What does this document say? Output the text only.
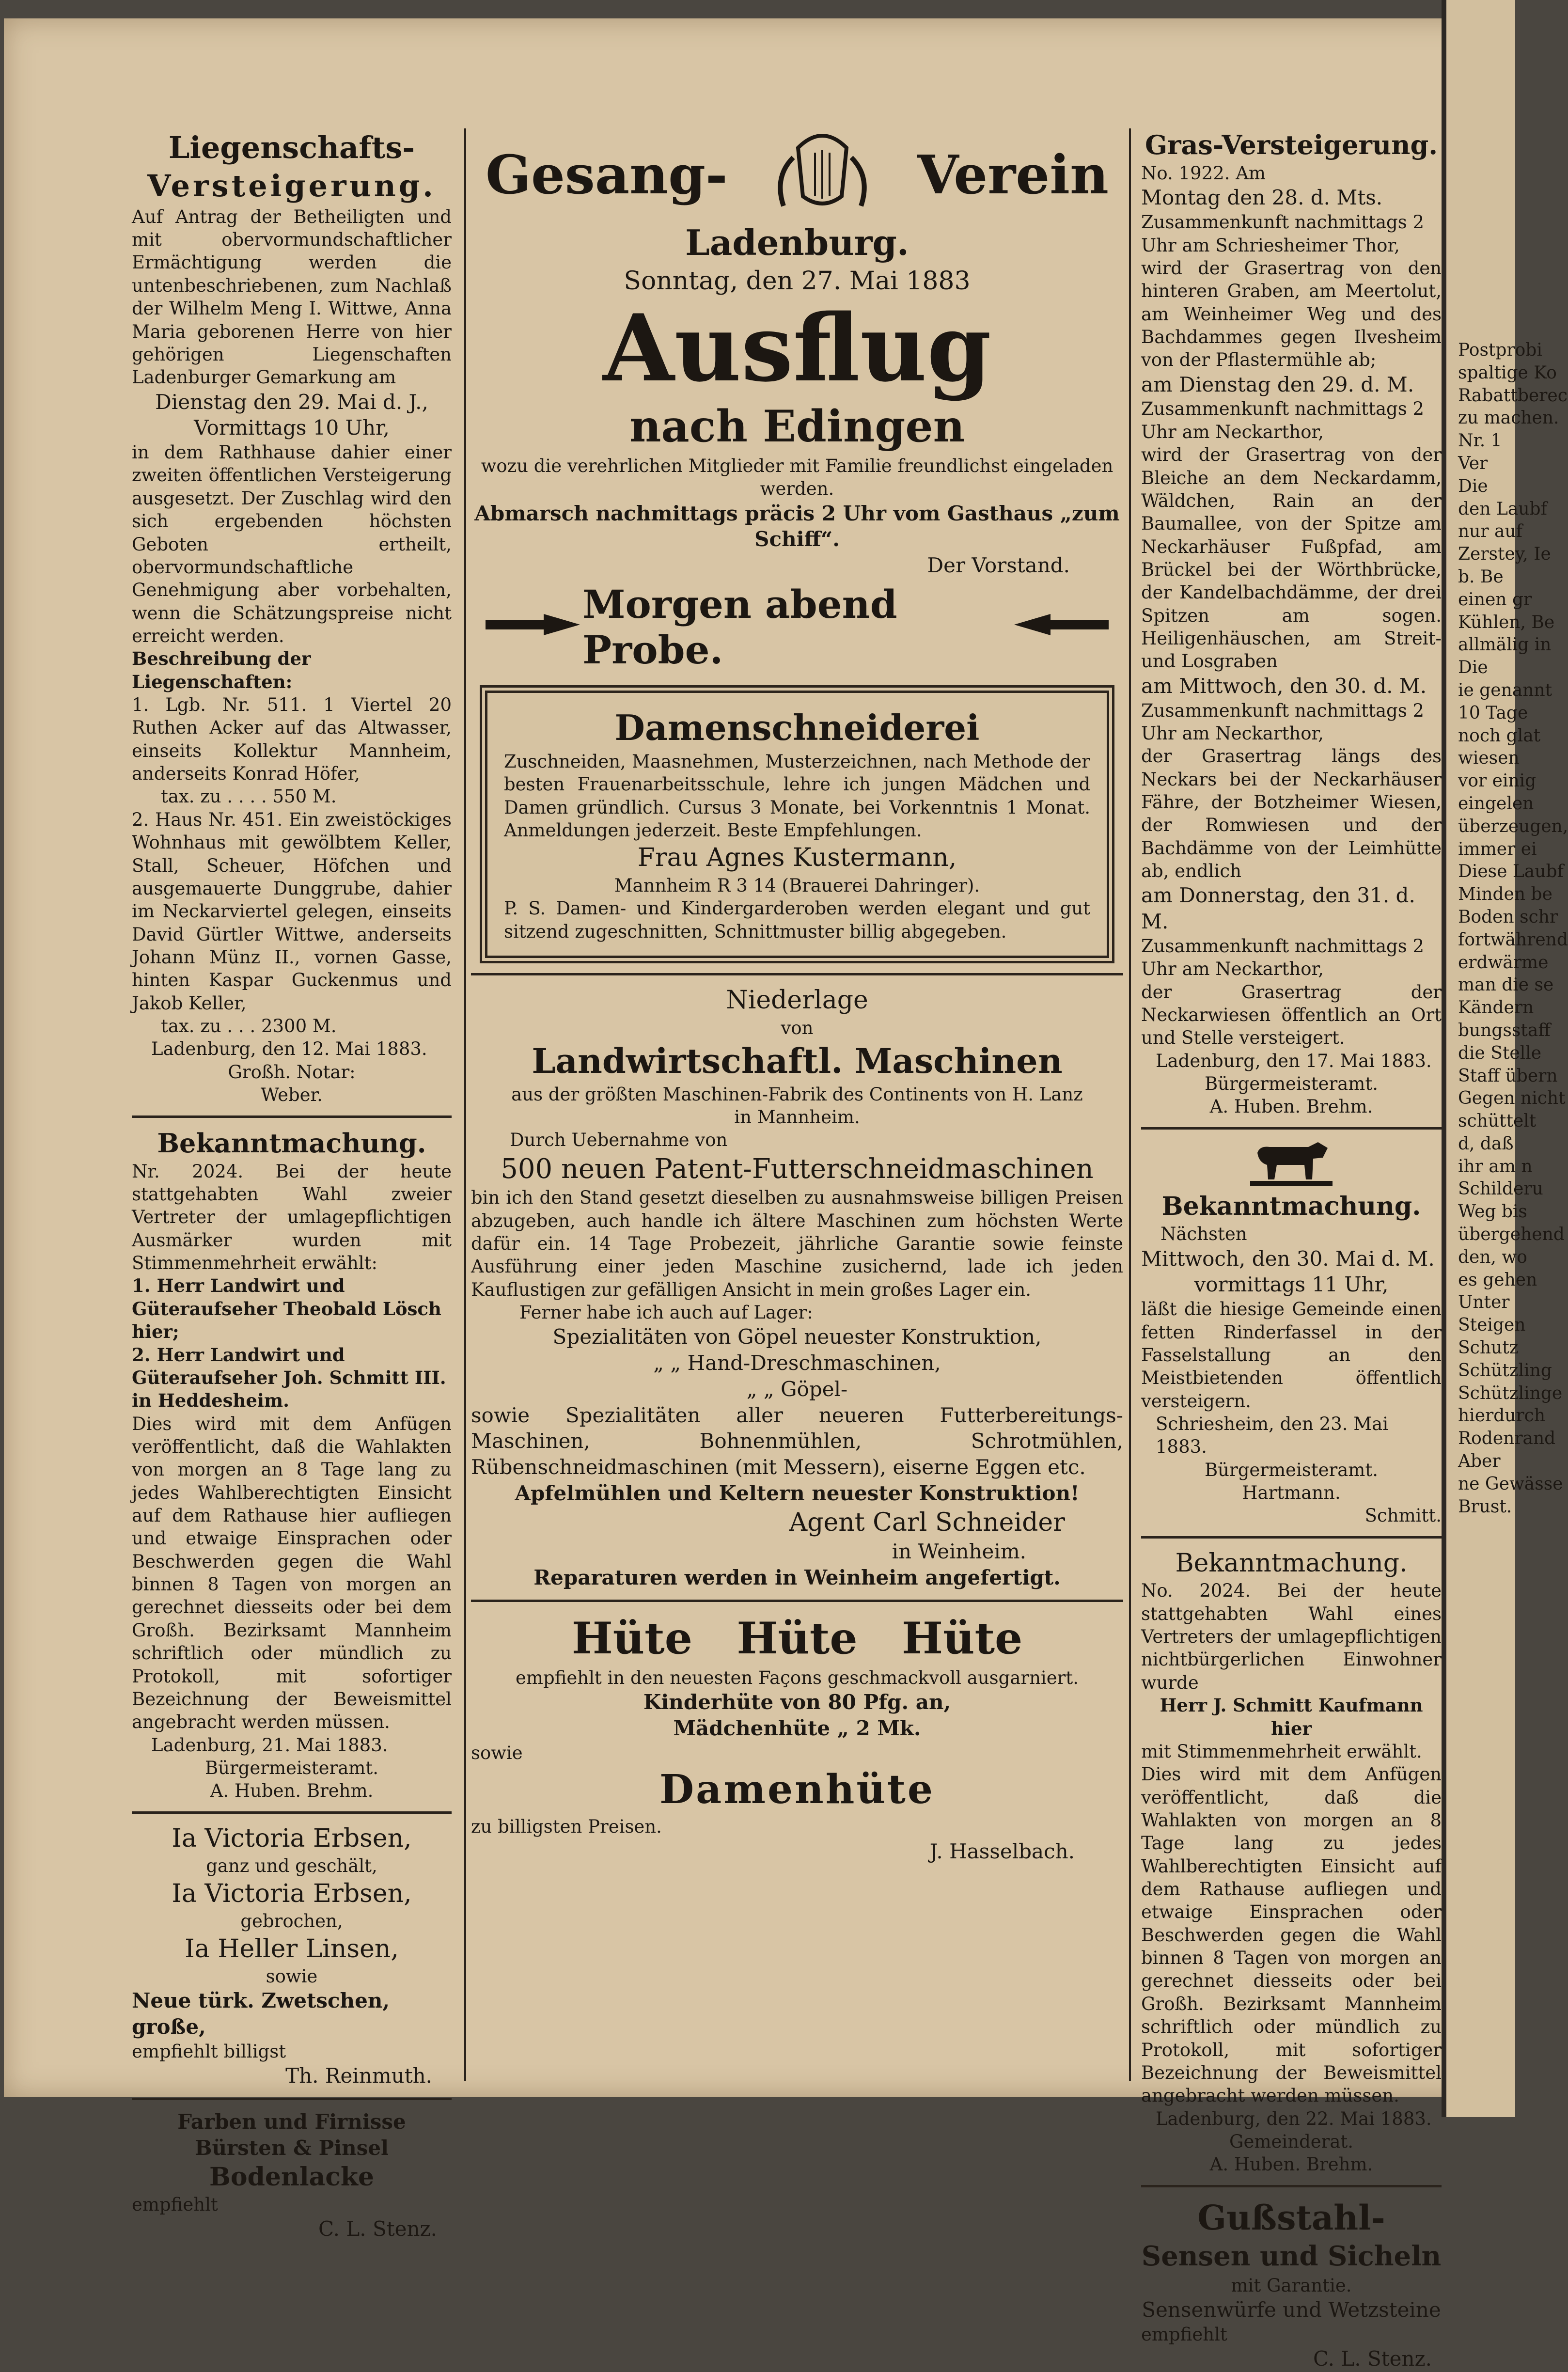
Liegenschafts-

Versteigerung.

Auf Antrag der Betheiligten und mit obervormundschaftlicher Ermächtigung werden die untenbeschriebenen, zum Nachlaß der Wilhelm Meng I. Wittwe, Anna Maria geborenen Herre von hier gehörigen Liegenschaften Ladenburger Gemarkung am

Dienstag den 29. Mai d. J.,

Vormittags 10 Uhr,

in dem Rathhause dahier einer zweiten öffentlichen Versteigerung ausgesetzt. Der Zuschlag wird den sich ergebenden höchsten Geboten ertheilt, obervormundschaftliche Genehmigung aber vorbehalten, wenn die Schätzungspreise nicht erreicht werden.

Beschreibung der Liegenschaften:

1. Lgb. Nr. 511. 1 Viertel 20 Ruthen Acker auf das Altwasser, einseits Kollektur Mannheim, anderseits Konrad Höfer,

tax. zu . . . . 550 M.

2. Haus Nr. 451. Ein zweistöckiges Wohnhaus mit gewölbtem Keller, Stall, Scheuer, Höfchen und ausgemauerte Dunggrube, dahier im Neckarviertel gelegen, einseits David Gürtler Wittwe, anderseits Johann Münz II., vornen Gasse, hinten Kaspar Guckenmus und Jakob Keller,

tax. zu . . . 2300 M.

Ladenburg, den 12. Mai 1883.

Großh. Notar:

Weber.

Bekanntmachung.

Nr. 2024. Bei der heute stattgehabten Wahl zweier Vertreter der umlagepflichtigen Ausmärker wurden mit Stimmenmehrheit erwählt:

1. Herr Landwirt und Güteraufseher Theobald Lösch hier;

2. Herr Landwirt und Güteraufseher Joh. Schmitt III. in Heddesheim.

Dies wird mit dem Anfügen veröffentlicht, daß die Wahlakten von morgen an 8 Tage lang zu jedes Wahlberechtigten Einsicht auf dem Rathause hier aufliegen und etwaige Einsprachen oder Beschwerden gegen die Wahl binnen 8 Tagen von morgen an gerechnet diesseits oder bei dem Großh. Bezirksamt Mannheim schriftlich oder mündlich zu Protokoll, mit sofortiger Bezeichnung der Beweismittel angebracht werden müssen.

Ladenburg, 21. Mai 1883.

Bürgermeisteramt.

A. Huben. Brehm.

Ia Victoria Erbsen,

ganz und geschält,

Ia Victoria Erbsen,

gebrochen,

Ia Heller Linsen,

sowie

Neue türk. Zwetschen, große,

empfiehlt billigst

Th. Reinmuth.

Farben und Firnisse

Bürsten & Pinsel

Bodenlacke

empfiehlt

C. L. Stenz.

Gesang-	Verein

Ladenburg.

Sonntag, den 27. Mai 1883

Ausflug

nach Edingen

wozu die verehrlichen Mitglieder mit Familie freundlichst eingeladen werden.

Abmarsch nachmittags präcis 2 Uhr vom Gasthaus „zum Schiff“.

Der Vorstand.

Morgen abend Probe.

Damenschneiderei

Zuschneiden, Maasnehmen, Musterzeichnen, nach Methode der besten Frauenarbeitsschule, lehre ich jungen Mädchen und Damen gründlich. Cursus 3 Monate, bei Vorkenntnis 1 Monat. Anmeldungen jederzeit. Beste Empfehlungen.

Frau Agnes Kustermann,

Mannheim R 3 14 (Brauerei Dahringer).

P. S. Damen- und Kindergarderoben werden elegant und gut sitzend zugeschnitten, Schnittmuster billig abgegeben.

Niederlage

von

Landwirtschaftl. Maschinen

aus der größten Maschinen-Fabrik des Continents von H. Lanz

in Mannheim.

Durch Uebernahme von

500 neuen Patent-Futterschneidmaschinen

bin ich den Stand gesetzt dieselben zu ausnahmsweise billigen Preisen abzugeben, auch handle ich ältere Maschinen zum höchsten Werte dafür ein. 14 Tage Probezeit, jährliche Garantie sowie feinste Ausführung einer jeden Maschine zusichernd, lade ich jeden Kauflustigen zur gefälligen Ansicht in mein großes Lager ein.

Ferner habe ich auch auf Lager:

Spezialitäten von Göpel neuester Konstruktion,

„ „ Hand-Dreschmaschinen,

„ „ Göpel-

sowie Spezialitäten aller neueren Futterbereitungs-Maschinen, Bohnenmühlen, Schrotmühlen, Rübenschneidmaschinen (mit Messern), eiserne Eggen etc.

Apfelmühlen und Keltern neuester Konstruktion!

Agent Carl Schneider

in Weinheim.

Reparaturen werden in Weinheim angefertigt.

Hüte Hüte Hüte

empfiehlt in den neuesten Façons geschmackvoll ausgarniert.

Kinderhüte von 80 Pfg. an,

Mädchenhüte „ 2 Mk.

sowie

Damenhüte

zu billigsten Preisen.

J. Hasselbach.

Gras-Versteigerung.

No. 1922. Am

Montag den 28. d. Mts.

Zusammenkunft nachmittags 2 Uhr am Schriesheimer Thor,

wird der Grasertrag von den hinteren Graben, am Meertolut, am Weinheimer Weg und des Bachdammes gegen Ilvesheim von der Pflastermühle ab;

am Dienstag den 29. d. M.

Zusammenkunft nachmittags 2 Uhr am Neckarthor,

wird der Grasertrag von der Bleiche an dem Neckardamm, Wäldchen, Rain an der Baumallee, von der Spitze am Neckarhäuser Fußpfad, am Brückel bei der Wörthbrücke, der Kandelbachdämme, der drei Spitzen am sogen. Heiligenhäuschen, am Streit- und Losgraben

am Mittwoch, den 30. d. M.

Zusammenkunft nachmittags 2 Uhr am Neckarthor,

der Grasertrag längs des Neckars bei der Neckarhäuser Fähre, der Botzheimer Wiesen, der Romwiesen und der Bachdämme von der Leimhütte ab, endlich

am Donnerstag, den 31. d. M.

Zusammenkunft nachmittags 2 Uhr am Neckarthor,

der Grasertrag der Neckarwiesen öffentlich an Ort und Stelle versteigert.

Ladenburg, den 17. Mai 1883.

Bürgermeisteramt.

A. Huben. Brehm.

Bekanntmachung.

Nächsten

Mittwoch, den 30. Mai d. M.

vormittags 11 Uhr,

läßt die hiesige Gemeinde einen fetten Rinderfassel in der Fasselstallung an den Meistbietenden öffentlich versteigern.

Schriesheim, den 23. Mai 1883.

Bürgermeisteramt.

Hartmann.

Schmitt.

Bekanntmachung.

No. 2024. Bei der heute stattgehabten Wahl eines Vertreters der umlagepflichtigen nichtbürgerlichen Einwohner wurde

Herr J. Schmitt Kaufmann hier

mit Stimmenmehrheit erwählt.

Dies wird mit dem Anfügen veröffentlicht, daß die Wahlakten von morgen an 8 Tage lang zu jedes Wahlberechtigten Einsicht auf dem Rathause aufliegen und etwaige Einsprachen oder Beschwerden gegen die Wahl binnen 8 Tagen von morgen an gerechnet diesseits oder bei Großh. Bezirksamt Mannheim schriftlich oder mündlich zu Protokoll, mit sofortiger Bezeichnung der Beweismittel angebracht werden müssen.

Ladenburg, den 22. Mai 1883.

Gemeinderat.

A. Huben. Brehm.

Gußstahl-

Sensen und Sicheln

mit Garantie.

Sensenwürfe und Wetzsteine

empfiehlt

C. L. Stenz.

Postprobi

spaltige Ko

Rabattberec

zu machen.

Nr. 1

Ver

Die

den Laubf

nur auf

Zerstey, Ie

b. Be

einen gr

Kühlen, Be

allmälig in

Die

ie genannt

10 Tage

noch glat

wiesen

vor einig

eingelen

überzeugen,

immer ei

Diese Laubf

Minden be

Boden schr

fortwährend

erdwärme

man die se

Kändern

bungsstaff

die Stelle

Staff übern

Gegen nicht

schüttelt

d, daß

ihr am n

Schilderu

Weg bis

übergehend

den, wo

es gehen

Unter

Steigen

Schutz

Schützling

Schützlinge

hierdurch

Rodenrand

Aber

ne Gewässe

Brust.
